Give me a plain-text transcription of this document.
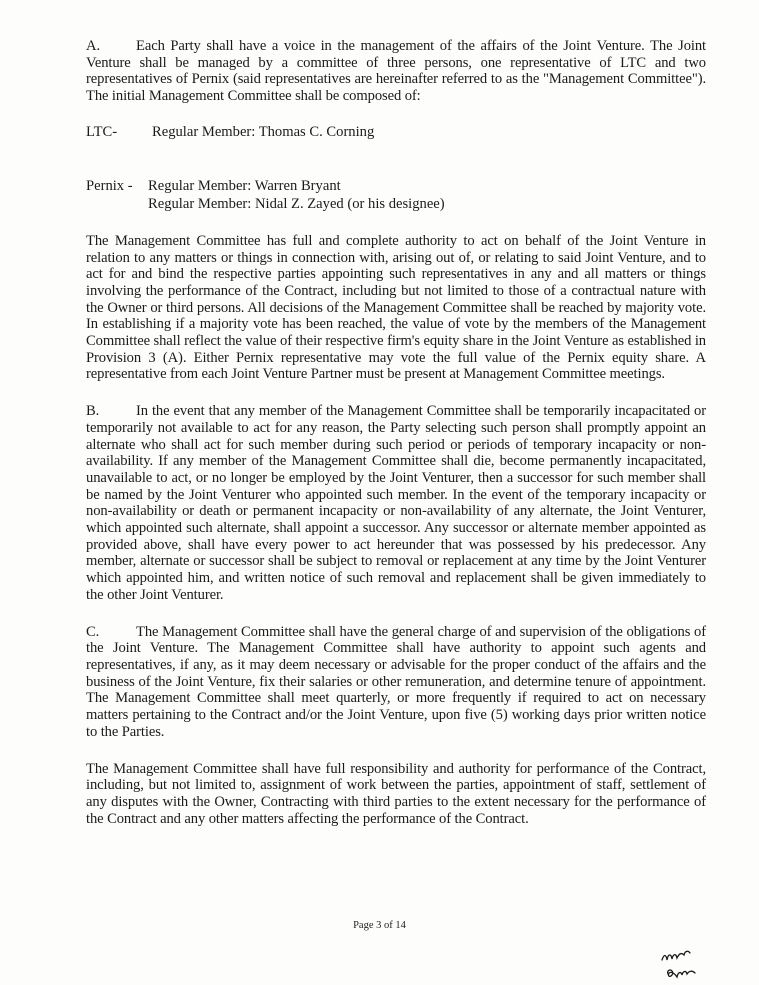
A. Each Party shall have a voice in the management of the affairs of the Joint Venture. The Joint Venture shall be managed by a committee of three persons, one representative of LTC and two representatives of Pernix (said representatives are hereinafter referred to as the "Management Committee"). The initial Management Committee shall be composed of:

LTC-	Regular Member: Thomas C. Corning
Pernix -	Regular Member: Warren Bryant
Regular Member: Nidal Z. Zayed (or his designee)

The Management Committee has full and complete authority to act on behalf of the Joint Venture in relation to any matters or things in connection with, arising out of, or relating to said Joint Venture, and to act for and bind the respective parties appointing such representatives in any and all matters or things involving the performance of the Contract, including but not limited to those of a contractual nature with the Owner or third persons. All decisions of the Management Committee shall be reached by majority vote. In establishing if a majority vote has been reached, the value of vote by the members of the Management Committee shall reflect the value of their respective firm's equity share in the Joint Venture as established in Provision 3 (A). Either Pernix representative may vote the full value of the Pernix equity share. A representative from each Joint Venture Partner must be present at Management Committee meetings.

B.	In the event that any member of the Management Committee shall be temporarily incapacitated or temporarily not available to act for any reason, the Party selecting such person shall promptly appoint an alternate who shall act for such member during such period or periods of temporary incapacity or non-availability. If any member of the Management Committee shall die, become permanently incapacitated, unavailable to act, or no longer be employed by the Joint Venturer, then a successor for such member shall be named by the Joint Venturer who appointed such member. In the event of the temporary incapacity or non-availability or death or permanent incapacity or non-availability of any alternate, the Joint Venturer, which appointed such alternate, shall appoint a successor. Any successor or alternate member appointed as provided above, shall have every power to act hereunder that was possessed by his predecessor. Any member, alternate or successor shall be subject to removal or replacement at any time by the Joint Venturer which appointed him, and written notice of such removal and replacement shall be given immediately to the other Joint Venturer.

C.	The Management Committee shall have the general charge of and supervision of the obligations of the Joint Venture. The Management Committee shall have authority to appoint such agents and representatives, if any, as it may deem necessary or advisable for the proper conduct of the affairs and the business of the Joint Venture, fix their salaries or other remuneration, and determine tenure of appointment. The Management Committee shall meet quarterly, or more frequently if required to act on necessary matters pertaining to the Contract and/or the Joint Venture, upon five (5) working days prior written notice to the Parties.

The Management Committee shall have full responsibility and authority for performance of the Contract, including, but not limited to, assignment of work between the parties, appointment of staff, settlement of any disputes with the Owner, Contracting with third parties to the extent necessary for the performance of the Contract and any other matters affecting the performance of the Contract.

Page 3 of 14
